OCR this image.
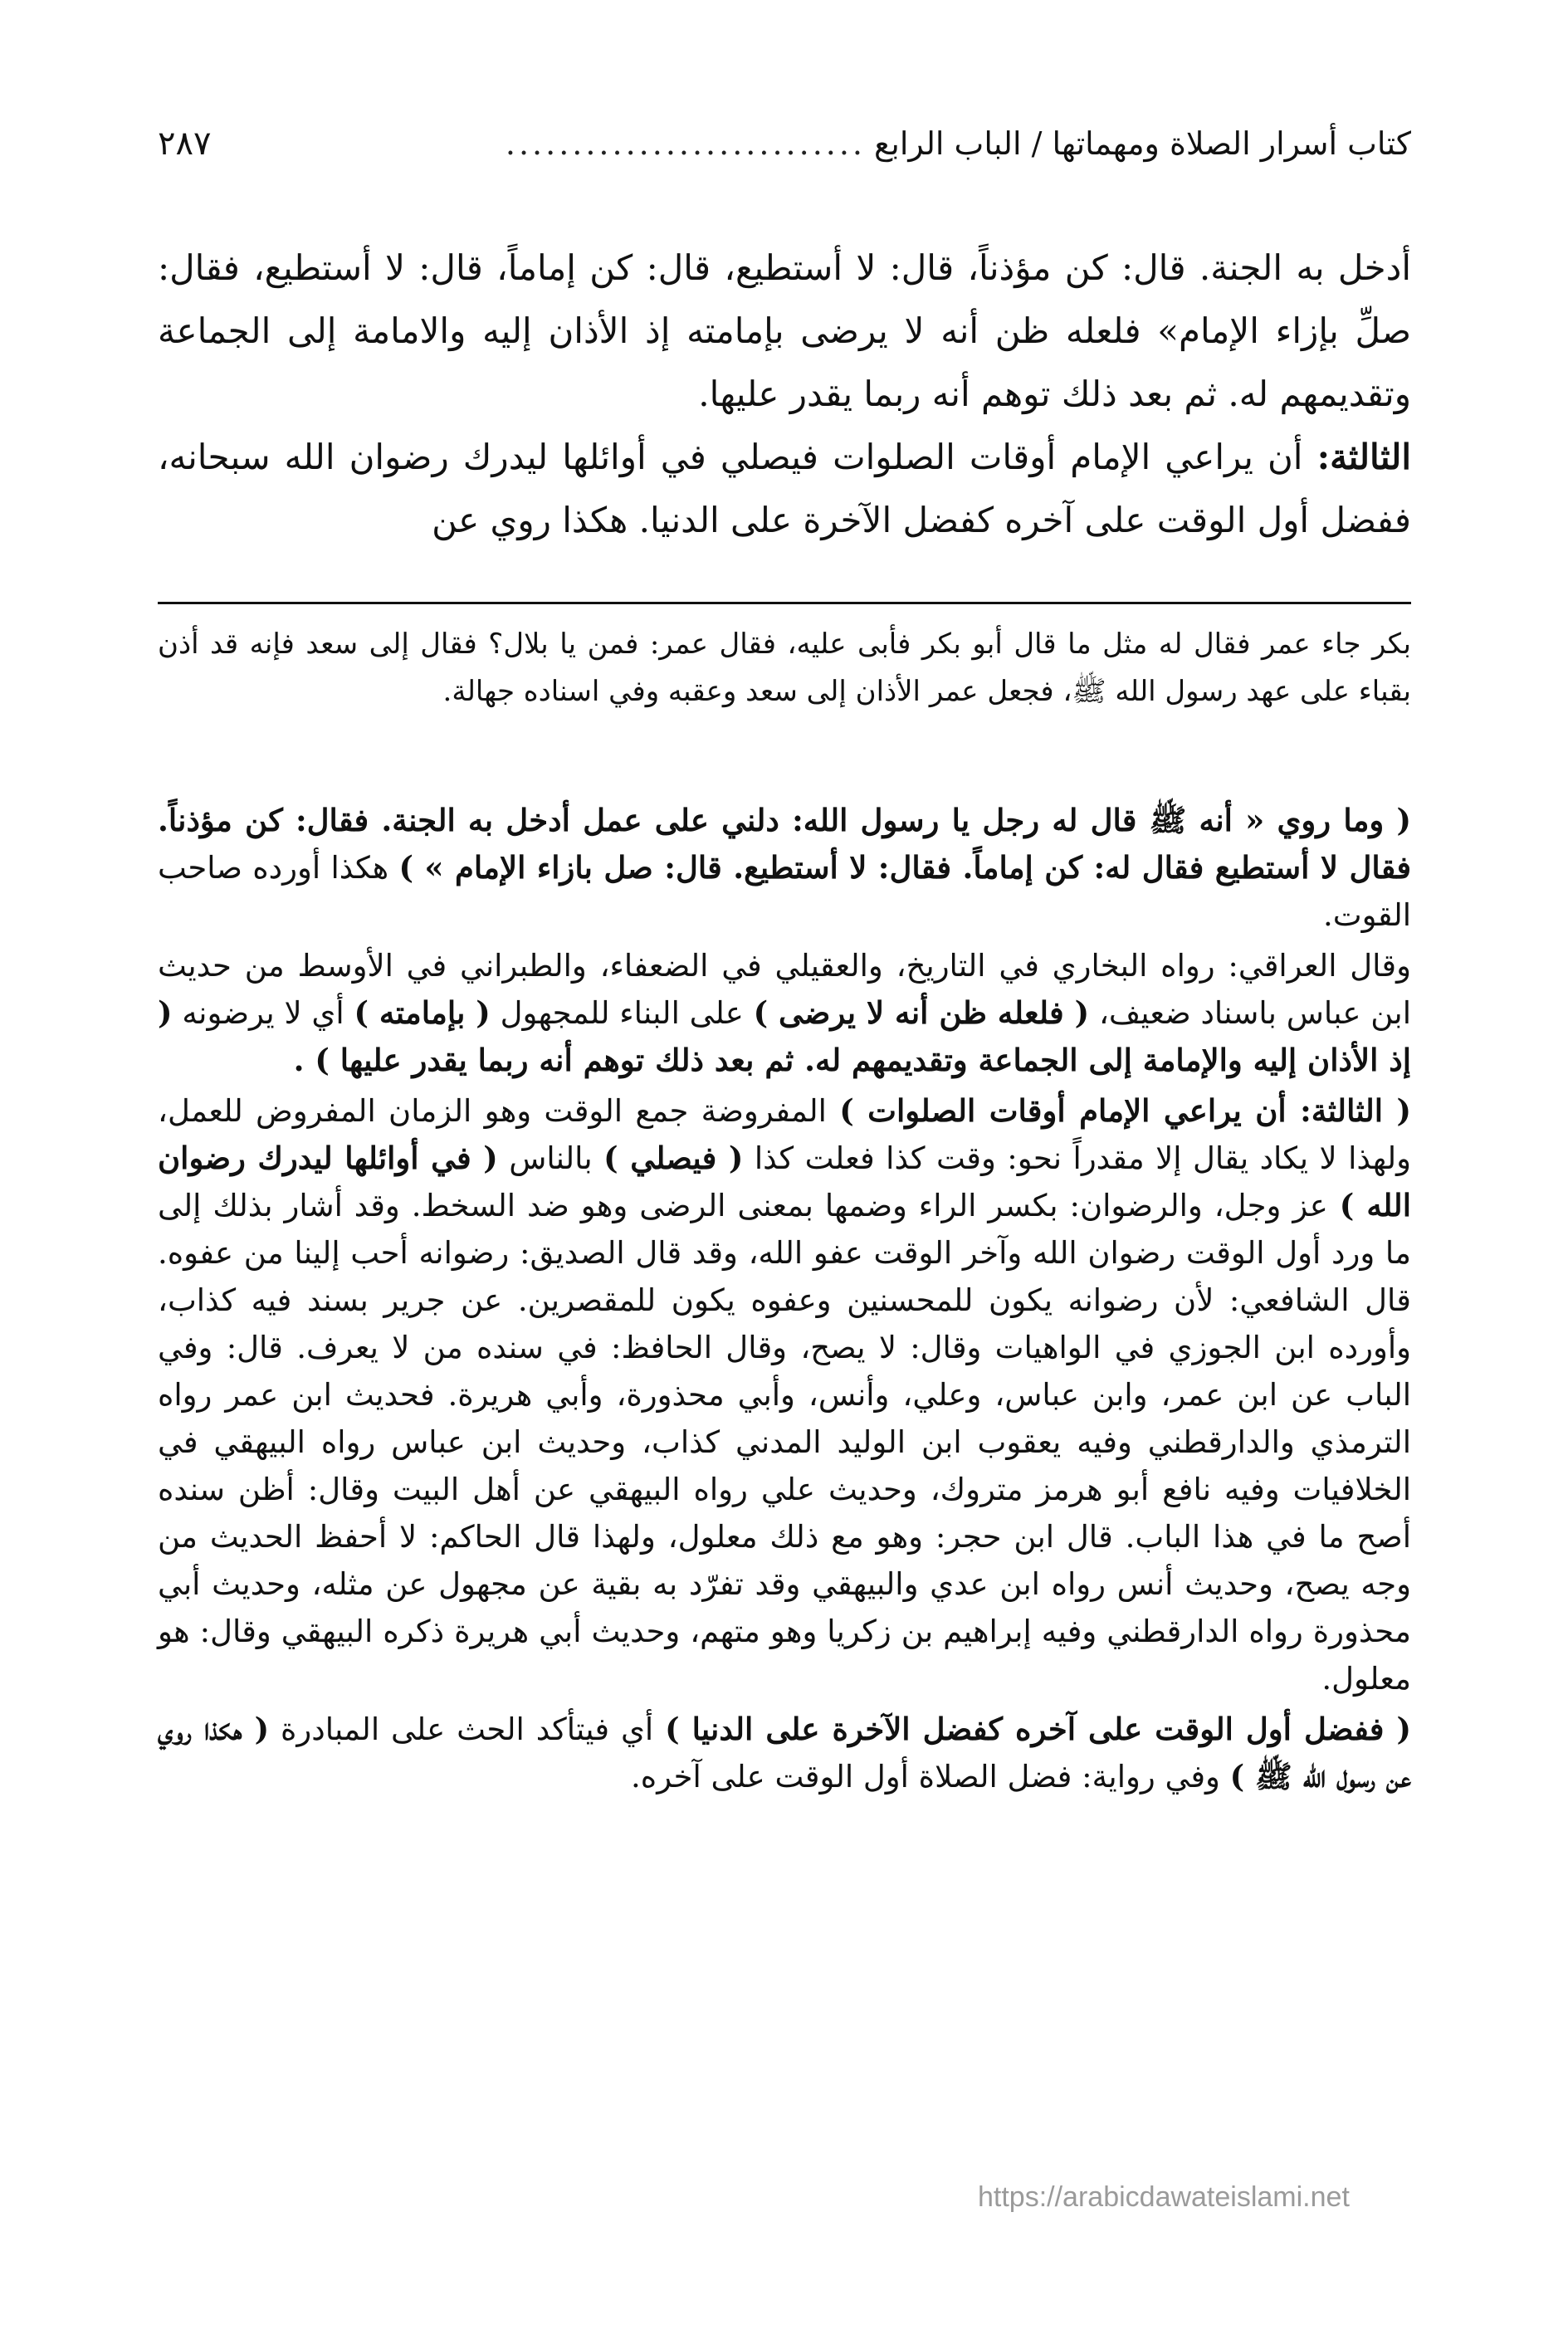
كتاب أسرار الصلاة ومهماتها / الباب الرابع
...........................
٢٨٧

أدخل به الجنة. قال: كن مؤذناً، قال: لا أستطيع، قال: كن إماماً، قال: لا أستطيع، فقال: صلِّ بإزاء الإمام» فلعله ظن أنه لا يرضى بإمامته إذ الأذان إليه والامامة إلى الجماعة وتقديمهم له. ثم بعد ذلك توهم أنه ربما يقدر عليها.

الثالثة: أن يراعي الإمام أوقات الصلوات فيصلي في أوائلها ليدرك رضوان الله سبحانه، ففضل أول الوقت على آخره كفضل الآخرة على الدنيا. هكذا روي عن

بكر جاء عمر فقال له مثل ما قال أبو بكر فأبى عليه، فقال عمر: فمن يا بلال؟ فقال إلى سعد فإنه قد أذن بقباء على عهد رسول الله ﷺ، فجعل عمر الأذان إلى سعد وعقبه وفي اسناده جهالة.

( وما روي « أنه ﷺ قال له رجل يا رسول الله: دلني على عمل أدخل به الجنة. فقال: كن مؤذناً. فقال لا أستطيع فقال له: كن إماماً. فقال: لا أستطيع. قال: صل بازاء الإمام » ) هكذا أورده صاحب القوت.

وقال العراقي: رواه البخاري في التاريخ، والعقيلي في الضعفاء، والطبراني في الأوسط من حديث ابن عباس باسناد ضعيف، ( فلعله ظن أنه لا يرضى ) على البناء للمجهول ( بإمامته ) أي لا يرضونه ( إذ الأذان إليه والإمامة إلى الجماعة وتقديمهم له. ثم بعد ذلك توهم أنه ربما يقدر عليها ) .

( الثالثة: أن يراعي الإمام أوقات الصلوات ) المفروضة جمع الوقت وهو الزمان المفروض للعمل، ولهذا لا يكاد يقال إلا مقدراً نحو: وقت كذا فعلت كذا ( فيصلي ) بالناس ( في أوائلها ليدرك رضوان الله ) عز وجل، والرضوان: بكسر الراء وضمها بمعنى الرضى وهو ضد السخط. وقد أشار بذلك إلى ما ورد أول الوقت رضوان الله وآخر الوقت عفو الله، وقد قال الصديق: رضوانه أحب إلينا من عفوه. قال الشافعي: لأن رضوانه يكون للمحسنين وعفوه يكون للمقصرين. عن جرير بسند فيه كذاب، وأورده ابن الجوزي في الواهيات وقال: لا يصح، وقال الحافظ: في سنده من لا يعرف. قال: وفي الباب عن ابن عمر، وابن عباس، وعلي، وأنس، وأبي محذورة، وأبي هريرة. فحديث ابن عمر رواه الترمذي والدارقطني وفيه يعقوب ابن الوليد المدني كذاب، وحديث ابن عباس رواه البيهقي في الخلافيات وفيه نافع أبو هرمز متروك، وحديث علي رواه البيهقي عن أهل البيت وقال: أظن سنده أصح ما في هذا الباب. قال ابن حجر: وهو مع ذلك معلول، ولهذا قال الحاكم: لا أحفظ الحديث من وجه يصح، وحديث أنس رواه ابن عدي والبيهقي وقد تفرّد به بقية عن مجهول عن مثله، وحديث أبي محذورة رواه الدارقطني وفيه إبراهيم بن زكريا وهو متهم، وحديث أبي هريرة ذكره البيهقي وقال: هو معلول.

( ففضل أول الوقت على آخره كفضل الآخرة على الدنيا ) أي فيتأكد الحث على المبادرة ( هكذا روي عن رسول الله ﷺ ) وفي رواية: فضل الصلاة أول الوقت على آخره.

https://arabicdawateislami.net
